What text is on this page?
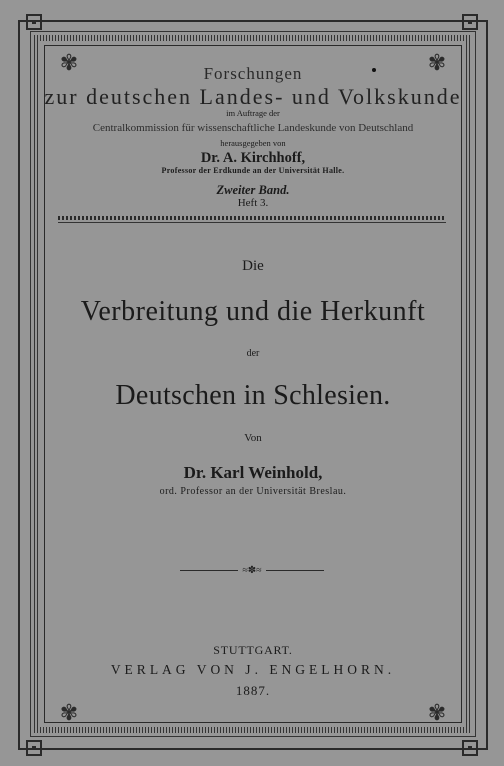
✾	✾
✾	✾
Forschungen
zur deutschen Landes- und Volkskunde
im Auftrage der
Centralkommission für wissenschaftliche Landeskunde von Deutschland
herausgegeben von
Dr. A. Kirchhoff,
Professor der Erdkunde an der Universität Halle.
Zweiter Band.
Heft 3.
Die
Verbreitung und die Herkunft
der
Deutschen in Schlesien.
Von
Dr. Karl Weinhold,
ord. Professor an der Universität Breslau.
≈✽≈
STUTTGART.
VERLAG VON J. ENGELHORN.
1887.
